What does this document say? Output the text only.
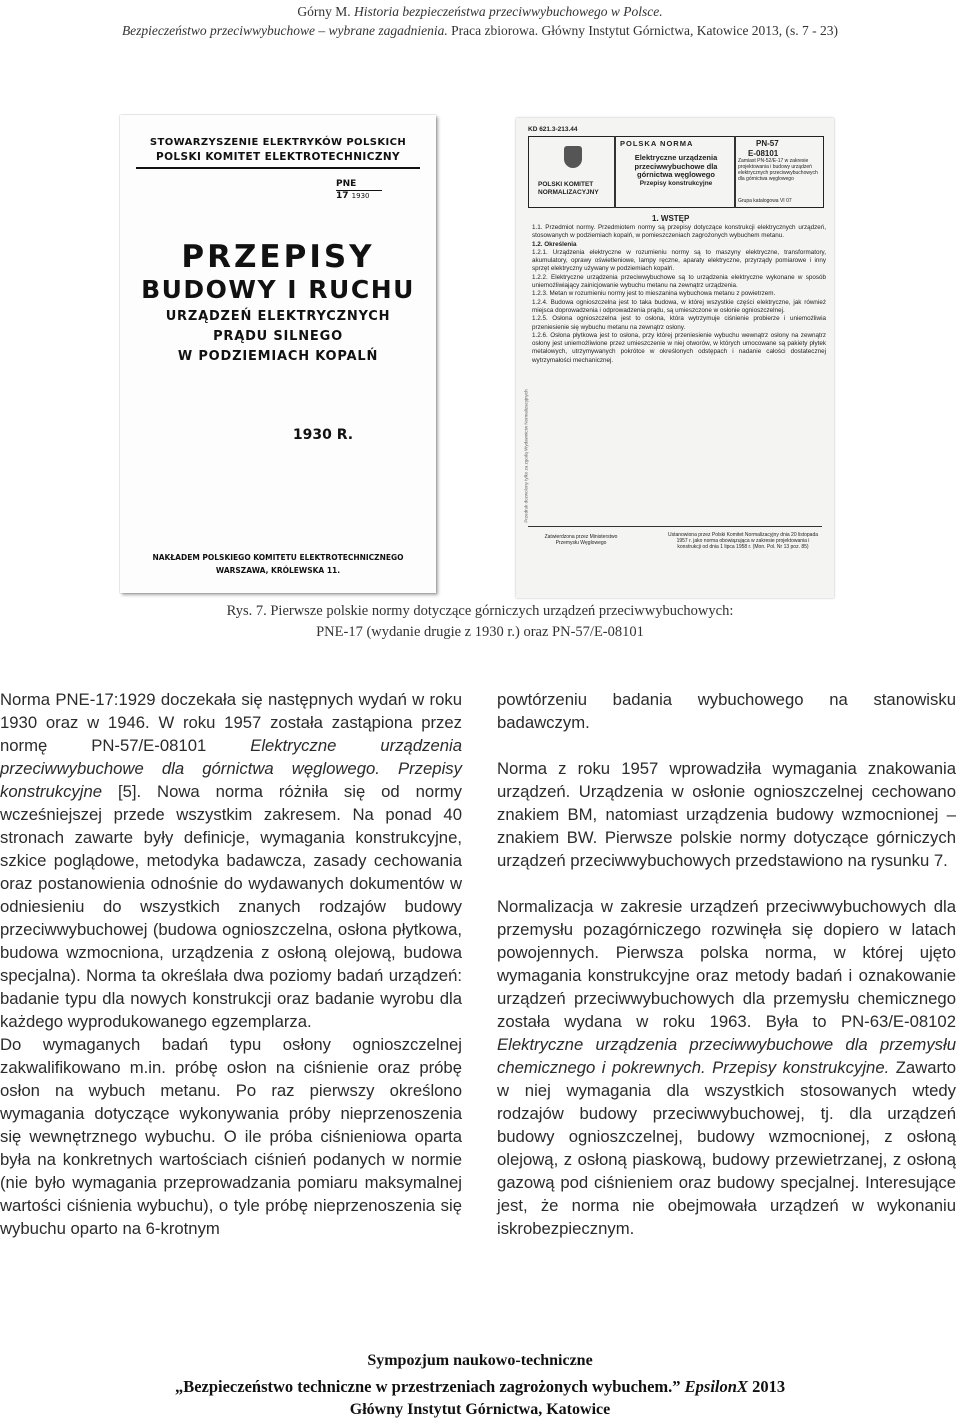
Górny M. Historia bezpieczeństwa przeciwwybuchowego w Polsce.
Bezpieczeństwo przeciwwybuchowe – wybrane zagadnienia. Praca zbiorowa. Główny Instytut Górnictwa, Katowice 2013, (s. 7 - 23)
STOWARZYSZENIE ELEKTRYKÓW POLSKICH
POLSKI KOMITET ELEKTROTECHNICZNY
PNE
17 1930
PRZEPISY
BUDOWY I RUCHU
URZĄDZEŃ ELEKTRYCZNYCH
PRĄDU SILNEGO
W PODZIEMIACH KOPALŃ
1930 R.
NAKŁADEM POLSKIEGO KOMITETU ELEKTROTECHNICZNEGO
WARSZAWA, KRÓLEWSKA 11.
KD 621.3-213.44
POLSKA NORMA	PN-57
E-08101
POLSKI KOMITET
NORMALIZACYJNY
Elektryczne urządzenia
przeciwwybuchowe dla
górnictwa węglowego
Przepisy konstrukcyjne
Zamiast PN-52/E-17 w zakresie projektowania i budowy urządzeń elektrycznych przeciwwybuchowych dla górnictwa węglowego
Grupa katalogowa VI 07
1. WSTĘP
1.1. Przedmiot normy. Przedmiotem normy są przepisy dotyczące konstrukcji elektrycznych urządzeń, stosowanych w podziemiach kopalń, w pomieszczeniach zagrożonych wybuchem metanu.
1.2. Określenia
1.2.1. Urządzenia elektryczne w rozumieniu normy są to maszyny elektryczne, transformatory, akumulatory, oprawy oświetleniowe, lampy ręczne, aparaty elektryczne, przyrządy pomiarowe i inny sprzęt elektryczny używany w podziemiach kopalń.
1.2.2. Elektryczne urządzenia przeciwwybuchowe są to urządzenia elektryczne wykonane w sposób uniemożliwiający zainicjowanie wybuchu metanu na zewnątrz urządzenia.
1.2.3. Metan w rozumieniu normy jest to mieszanina wybuchowa metanu z powietrzem.
1.2.4. Budowa ognioszczelna jest to taka budowa, w której wszystkie części elektryczne, jak również miejsca doprowadzenia i odprowadzenia prądu, są umieszczone w osłonie ognioszczelnej.
1.2.5. Osłona ognioszczelna jest to osłona, która wytrzymuje ciśnienie probierze i uniemożliwia przeniesienie się wybuchu metanu na zewnątrz osłony.
1.2.6. Osłona płytkowa jest to osłona, przy której przeniesienie wybuchu wewnątrz osłony na zewnątrz osłony jest uniemożliwione przez umieszczenie w niej otworów, w których umocowane są pakiety płytek metalowych, utrzymywanych pokrótce w określonych odstępach i nadanie całości dostatecznej wytrzymałości mechanicznej.
Zatwierdzona przez Ministerstwo Przemysłu Węglowego
Ustanowiona przez Polski Komitet Normalizacyjny dnia 20 listopada 1957 r. jako norma obowiązująca w zakresie projektowania i konstrukcji od dnia 1 lipca 1958 r. (Mon. Pol. Nr 13 poz. 85)
Przedruk dozwolony tylko za zgodą Wydawnictw Normalizacyjnych
Rys. 7. Pierwsze polskie normy dotyczące górniczych urządzeń przeciwwybuchowych:
PNE-17 (wydanie drugie z 1930 r.) oraz PN-57/E-08101

Norma PNE-17:1929 doczekała się następnych wydań w roku 1930 oraz w 1946. W roku 1957 została zastąpiona przez normę PN-57/E-08101 Elektryczne urządzenia przeciwwybuchowe dla górnictwa węglowego. Przepisy konstrukcyjne [5]. Nowa norma różniła się od normy wcześniejszej przede wszystkim zakresem. Na ponad 40 stronach zawarte były definicje, wymagania konstrukcyjne, szkice poglądowe, metodyka badawcza, zasady cechowania oraz postanowienia odnośnie do wydawanych dokumentów w odniesieniu do wszystkich znanych rodzajów budowy przeciwwybuchowej (budowa ognioszczelna, osłona płytkowa, budowa wzmocniona, urządzenia z osłoną olejową, budowa specjalna). Norma ta określała dwa poziomy badań urządzeń: badanie typu dla nowych konstrukcji oraz badanie wyrobu dla każdego wyprodukowanego egzemplarza.

Do wymaganych badań typu osłony ognioszczelnej zakwalifikowano m.in. próbę osłon na ciśnienie oraz próbę osłon na wybuch metanu. Po raz pierwszy określono wymagania dotyczące wykonywania próby nieprzenoszenia się wewnętrznego wybuchu. O ile próba ciśnieniowa oparta była na konkretnych wartościach ciśnień podanych w normie (nie było wymagania przeprowadzania pomiaru maksymalnej wartości ciśnienia wybuchu), o tyle próbę nieprzenoszenia się wybuchu oparto na 6-krotnym

powtórzeniu badania wybuchowego na stanowisku badawczym.

Norma z roku 1957 wprowadziła wymagania znakowania urządzeń. Urządzenia w osłonie ognioszczelnej cechowano znakiem BM, natomiast urządzenia budowy wzmocnionej – znakiem BW. Pierwsze polskie normy dotyczące górniczych urządzeń przeciwwybuchowych przedstawiono na rysunku 7.

Normalizacja w zakresie urządzeń przeciwwybuchowych dla przemysłu pozagórniczego rozwinęła się dopiero w latach powojennych. Pierwsza polska norma, w której ujęto wymagania konstrukcyjne oraz metody badań i oznakowanie urządzeń przeciwwybuchowych dla przemysłu chemicznego została wydana w roku 1963. Była to PN-63/E-08102 Elektryczne urządzenia przeciwwybuchowe dla przemysłu chemicznego i pokrewnych. Przepisy konstrukcyjne. Zawarto w niej wymagania dla wszystkich stosowanych wtedy rodzajów budowy przeciwwybuchowej, tj. dla urządzeń budowy ognioszczelnej, budowy wzmocnionej, z osłoną olejową, z osłoną piaskową, budowy przewietrzanej, z osłoną gazową pod ciśnieniem oraz budowy specjalnej. Interesujące jest, że norma nie obejmowała urządzeń w wykonaniu iskrobezpiecznym.

Sympozjum naukowo-techniczne
„Bezpieczeństwo techniczne w przestrzeniach zagrożonych wybuchem.” EpsilonX 2013
Główny Instytut Górnictwa, Katowice
